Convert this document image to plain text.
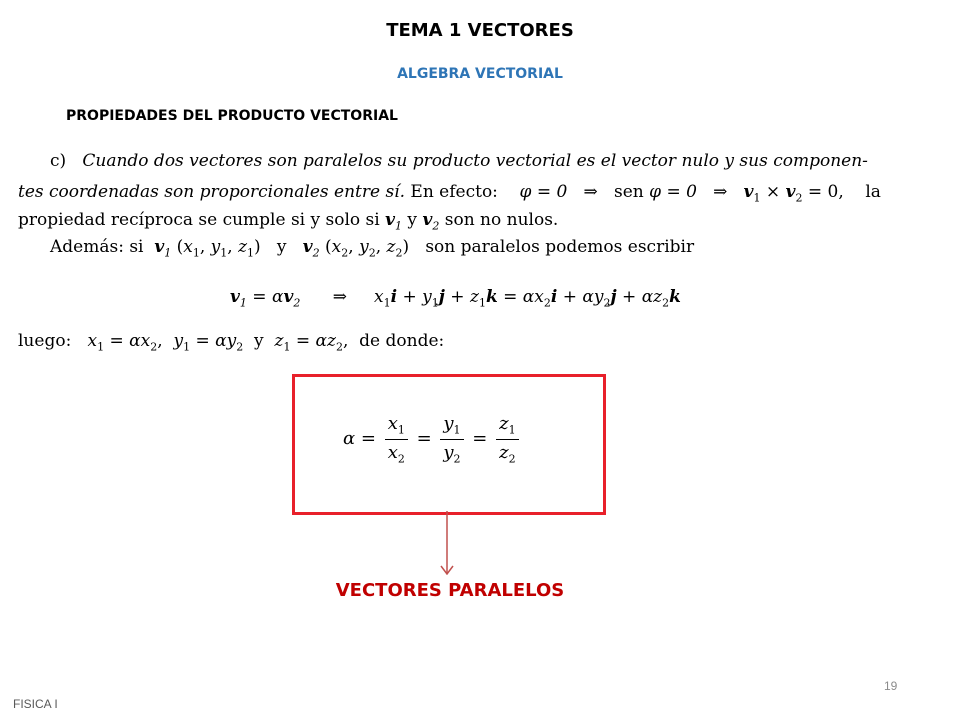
TEMA 1 VECTORES
ALGEBRA VECTORIAL
PROPIEDADES DEL PRODUCTO VECTORIAL
c) Cuando dos vectores son paralelos su producto vectorial es el vector nulo y sus componen-
tes coordenadas son proporcionales entre sí. En efecto: φ = 0 ⇒ sen φ = 0 ⇒ $v_1 \times v_2 = 0$, la
propiedad recíproca se cumple si y solo si $v_1$ y $v_2$ son no nulos.
Además: si $v_1$ ($x_1$, $y_1$, $z_1$) y $v_2$ ($x_2$, $y_2$, $z_2$) son paralelos podemos escribir
$v_1 = \alpha v_2$      ⇒     $x_1i + y_1j + z_1k = \alpha x_2i + \alpha y_2j + \alpha z_2k$
luego: $x_1 = \alpha x_2$,  $y_1 = \alpha y_2$  y  $z_1 = \alpha z_2$, de donde:
$\alpha = \frac{x_1}{x_2} = \frac{y_1}{y_2} = \frac{z_1}{z_2}$
VECTORES PARALELOS
19
FISICA I
